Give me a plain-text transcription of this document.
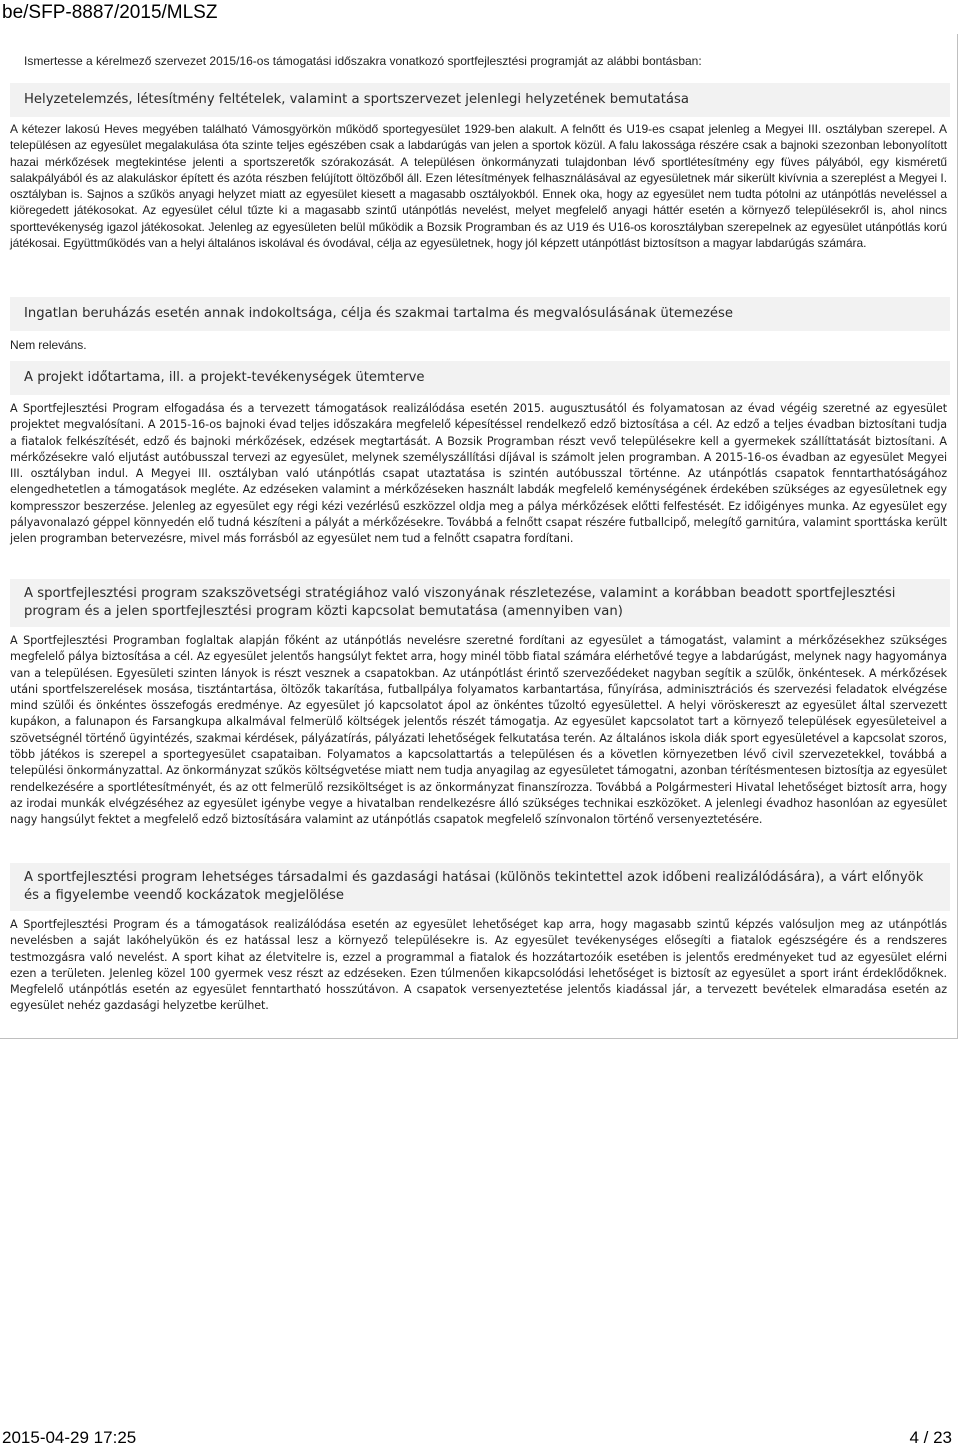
be/SFP-8887/2015/MLSZ
Ismertesse a kérelmező szervezet 2015/16-os támogatási időszakra vonatkozó sportfejlesztési programját az alábbi bontásban:
Helyzetelemzés, létesítmény feltételek, valamint a sportszervezet jelenlegi helyzetének bemutatása
A kétezer lakosú Heves megyében található Vámosgyörkön működő sportegyesület 1929-ben alakult. A felnőtt és U19-es csapat jelenleg a Megyei III. osztályban szerepel. A településen az egyesület megalakulása óta szinte teljes egészében csak a labdarúgás van jelen a sportok közül. A falu lakossága részére csak a bajnoki szezonban lebonyolított hazai mérkőzések megtekintése jelenti a sportszeretők szórakozását. A településen önkormányzati tulajdonban lévő sportlétesítmény egy füves pályából, egy kisméretű salakpályából és az alakuláskor épített és azóta részben felújított öltözőből áll. Ezen létesítmények felhasználásával az egyesületnek már sikerült kivívnia a szereplést a Megyei I. osztályban is. Sajnos a szűkös anyagi helyzet miatt az egyesület kiesett a magasabb osztályokból. Ennek oka, hogy az egyesület nem tudta pótolni az utánpótlás neveléssel a kiöregedett játékosokat. Az egyesület célul tűzte ki a magasabb szintű utánpótlás nevelést, melyet megfelelő anyagi háttér esetén a környező településekről is, ahol nincs sporttevékenység igazol játékosokat. Jelenleg az egyesületen belül működik a Bozsik Programban és az U19 és U16-os korosztályban szerepelnek az egyesület utánpótlás korú játékosai. Együttműködés van a helyi általános iskolával és óvodával, célja az egyesületnek, hogy jól képzett utánpótlást biztosítson a magyar labdarúgás számára.
Ingatlan beruházás esetén annak indokoltsága, célja és szakmai tartalma és megvalósulásának ütemezése
Nem releváns.
A projekt időtartama, ill. a projekt-tevékenységek ütemterve
A Sportfejlesztési Program elfogadása és a tervezett támogatások realizálódása esetén 2015. augusztusától és folyamatosan az évad végéig szeretné az egyesület projektet megvalósítani. A 2015-16-os bajnoki évad teljes időszakára megfelelő képesítéssel rendelkező edző biztosítása a cél. Az edző a teljes évadban biztosítani tudja a fiatalok felkészítését, edző és bajnoki mérkőzések, edzések megtartását. A Bozsik Programban részt vevő településekre kell a gyermekek szállíttatását biztosítani. A mérkőzésekre való eljutást autóbusszal tervezi az egyesület, melynek személyszállítási díjával is számolt jelen programban. A 2015-16-os évadban az egyesület Megyei III. osztályban indul. A Megyei III. osztályban való utánpótlás csapat utaztatása is szintén autóbusszal történne. Az utánpótlás csapatok fenntarthatóságához elengedhetetlen a támogatások megléte. Az edzéseken valamint a mérkőzéseken használt labdák megfelelő keménységének érdekében szükséges az egyesületnek egy kompresszor beszerzése. Jelenleg az egyesület egy régi kézi vezérlésű eszközzel oldja meg a pálya mérkőzések előtti felfestését. Ez időigényes munka. Az egyesület egy pályavonalazó géppel könnyedén elő tudná készíteni a pályát a mérkőzésekre. Továbbá a felnőtt csapat részére futballcipő, melegítő garnitúra, valamint sporttáska került jelen programban betervezésre, mivel más forrásból az egyesület nem tud a felnőtt csapatra fordítani.
A sportfejlesztési program szakszövetségi stratégiához való viszonyának részletezése, valamint a korábban beadott sportfejlesztési program és a jelen sportfejlesztési program közti kapcsolat bemutatása (amennyiben van)
A Sportfejlesztési Programban foglaltak alapján főként az utánpótlás nevelésre szeretné fordítani az egyesület a támogatást, valamint a mérkőzésekhez szükséges megfelelő pálya biztosítása a cél. Az egyesület jelentős hangsúlyt fektet arra, hogy minél több fiatal számára elérhetővé tegye a labdarúgást, melynek nagy hagyománya van a településen. Egyesületi szinten lányok is részt vesznek a csapatokban. Az utánpótlást érintő szervezőédeket nagyban segítik a szülők, önkéntesek. A mérkőzések utáni sportfelszerelések mosása, tisztántartása, öltözők takarítása, futballpálya folyamatos karbantartása, fűnyírása, adminisztrációs és szervezési feladatok elvégzése mind szülői és önkéntes összefogás eredménye. Az egyesület jó kapcsolatot ápol az önkéntes tűzoltó egyesülettel. A helyi vöröskereszt az egyesület által szervezett kupákon, a falunapon és Farsangkupa alkalmával felmerülő költségek jelentős részét támogatja. Az egyesület kapcsolatot tart a környező települések egyesületeivel a szövetségnél történő ügyintézés, szakmai kérdések, pályázatírás, pályázati lehetőségek felkutatása terén. Az általános iskola diák sport egyesületével a kapcsolat szoros, több játékos is szerepel a sportegyesület csapataiban. Folyamatos a kapcsolattartás a településen és a követlen környezetben lévő civil szervezetekkel, továbbá a települési önkormányzattal. Az önkormányzat szűkös költségvetése miatt nem tudja anyagilag az egyesületet támogatni, azonban térítésmentesen biztosítja az egyesület rendelkezésére a sportlétesítményét, és az ott felmerülő rezsiköltséget is az önkormányzat finanszírozza. Továbbá a Polgármesteri Hivatal lehetőséget biztosít arra, hogy az irodai munkák elvégzéséhez az egyesület igénybe vegye a hivatalban rendelkezésre álló szükséges technikai eszközöket. A jelenlegi évadhoz hasonlóan az egyesület nagy hangsúlyt fektet a megfelelő edző biztosítására valamint az utánpótlás csapatok megfelelő színvonalon történő versenyeztetésére.
A sportfejlesztési program lehetséges társadalmi és gazdasági hatásai (különös tekintettel azok időbeni realizálódására), a várt előnyök és a figyelembe veendő kockázatok megjelölése
A Sportfejlesztési Program és a támogatások realizálódása esetén az egyesület lehetőséget kap arra, hogy magasabb szintű képzés valósuljon meg az utánpótlás nevelésben a saját lakóhelyükön és ez hatással lesz a környező településekre is. Az egyesület tevékenységes elősegíti a fiatalok egészségére és a rendszeres testmozgásra való nevelést. A sport kihat az életvitelre is, ezzel a programmal a fiatalok és hozzátartozóik esetében is jelentős eredményeket tud az egyesület elérni ezen a területen. Jelenleg közel 100 gyermek vesz részt az edzéseken. Ezen túlmenően kikapcsolódási lehetőséget is biztosít az egyesület a sport iránt érdeklődőknek. Megfelelő utánpótlás esetén az egyesület fenntartható hosszútávon. A csapatok versenyeztetése jelentős kiadással jár, a tervezett bevételek elmaradása esetén az egyesület nehéz gazdasági helyzetbe kerülhet.
2015-04-29 17:25	4 / 23
